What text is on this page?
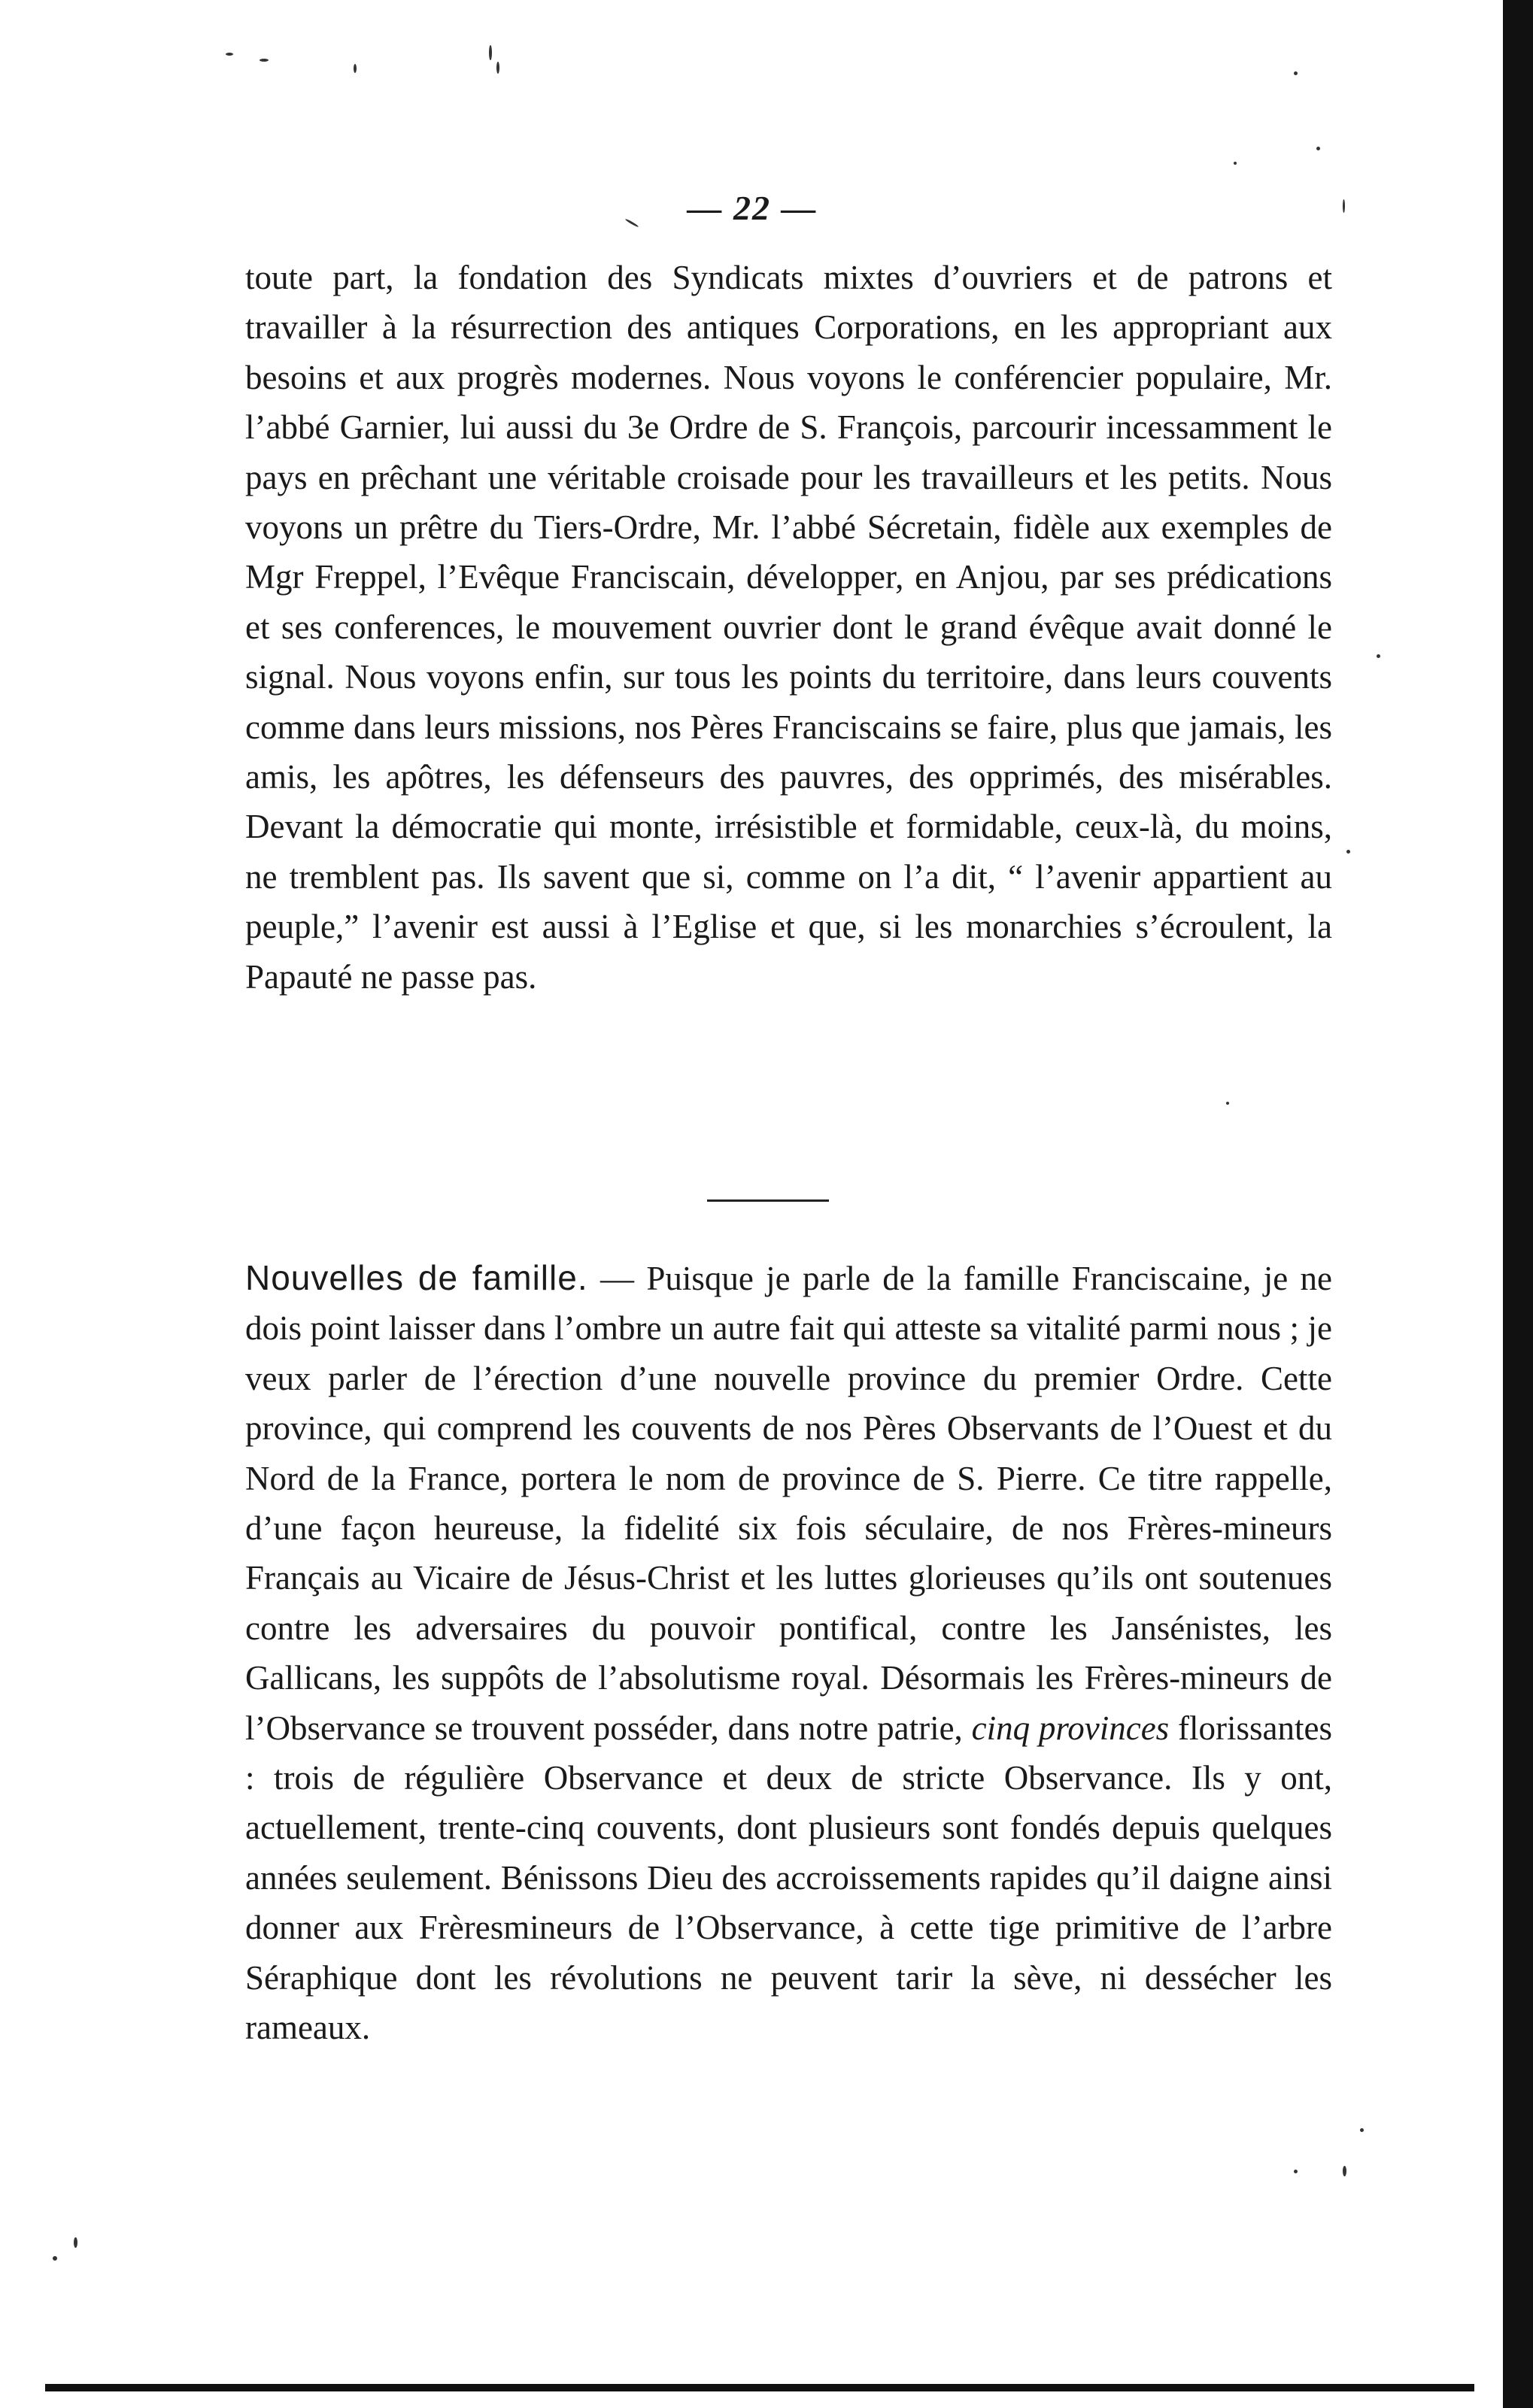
— 22 —
toute part, la fondation des Syndicats mixtes d’ouvriers et de patrons et travailler à la résurrection des antiques Corporations, en les appropriant aux besoins et aux progrès modernes. Nous voyons le conférencier populaire, Mr. l’abbé Garnier, lui aussi du 3e Ordre de S. François, parcourir incessamment le pays en prêchant une véritable croisade pour les travailleurs et les petits. Nous voyons un prêtre du Tiers-Ordre, Mr. l’abbé Sécretain, fidèle aux exemples de Mgr Freppel, l’Evêque Franciscain, développer, en Anjou, par ses prédications et ses conferences, le mouvement ouvrier dont le grand évêque avait donné le signal. Nous voyons enfin, sur tous les points du territoire, dans leurs couvents comme dans leurs missions, nos Pères Franciscains se faire, plus que jamais, les amis, les apôtres, les défenseurs des pauvres, des opprimés, des misérables. Devant la démocratie qui monte, irrésistible et formidable, ceux-là, du moins, ne tremblent pas. Ils savent que si, comme on l’a dit, “ l’avenir appartient au peuple,” l’avenir est aussi à l’Eglise et que, si les monarchies s’écroulent, la Papauté ne passe pas.
Nouvelles de famille. — Puisque je parle de la famille Franciscaine, je ne dois point laisser dans l’ombre un autre fait qui atteste sa vitalité parmi nous ; je veux parler de l’érection d’une nouvelle province du premier Ordre. Cette province, qui comprend les couvents de nos Pères Observants de l’Ouest et du Nord de la France, portera le nom de province de S. Pierre. Ce titre rappelle, d’une façon heureuse, la fidelité six fois séculaire, de nos Frères-mineurs Français au Vicaire de Jésus-Christ et les luttes glorieuses qu’ils ont soutenues contre les adversaires du pouvoir pontifical, contre les Jansénistes, les Gallicans, les suppôts de l’absolutisme royal. Désormais les Frères-mineurs de l’Observance se trouvent posséder, dans notre patrie, cinq provinces florissantes : trois de régulière Observance et deux de stricte Observance. Ils y ont, actuellement, trente-cinq couvents, dont plusieurs sont fondés depuis quelques années seulement. Bénissons Dieu des accroissements rapides qu’il daigne ainsi donner aux Frèresmineurs de l’Observance, à cette tige primitive de l’arbre Séraphique dont les révolutions ne peuvent tarir la sève, ni dessécher les rameaux.
